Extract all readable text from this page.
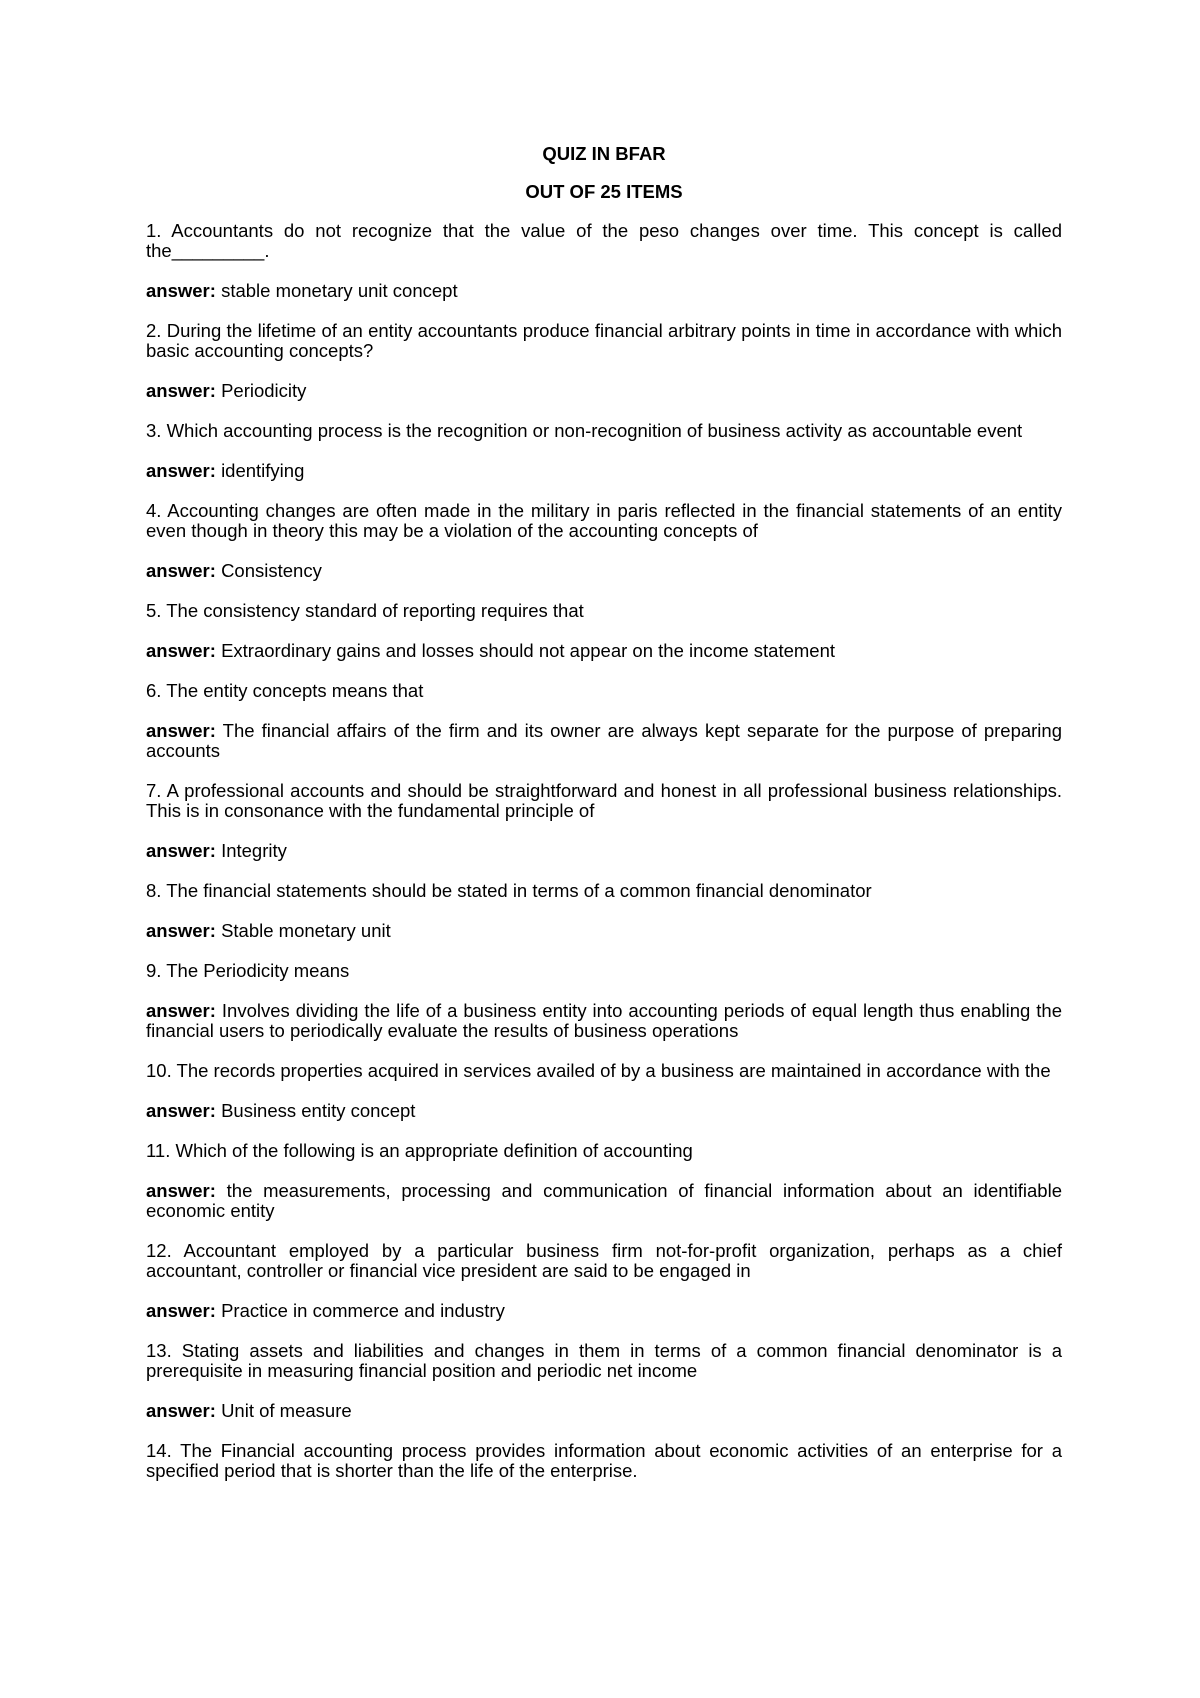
QUIZ IN BFAR

OUT OF 25 ITEMS

1. Accountants do not recognize that the value of the peso changes over time. This concept is called the_________.

answer: stable monetary unit concept

2. During the lifetime of an entity accountants produce financial arbitrary points in time in accordance with which basic accounting concepts?

answer: Periodicity

3. Which accounting process is the recognition or non-recognition of business activity as accountable event

answer: identifying

4. Accounting changes are often made in the military in paris reflected in the financial statements of an entity even though in theory this may be a violation of the accounting concepts of

answer: Consistency

5. The consistency standard of reporting requires that

answer: Extraordinary gains and losses should not appear on the income statement

6. The entity concepts means that

answer: The financial affairs of the firm and its owner are always kept separate for the purpose of preparing accounts

7. A professional accounts and should be straightforward and honest in all professional business relationships. This is in consonance with the fundamental principle of

answer: Integrity

8. The financial statements should be stated in terms of a common financial denominator

answer: Stable monetary unit

9. The Periodicity means

answer: Involves dividing the life of a business entity into accounting periods of equal length thus enabling the financial users to periodically evaluate the results of business operations

10. The records properties acquired in services availed of by a business are maintained in accordance with the

answer: Business entity concept

11. Which of the following is an appropriate definition of accounting

answer: the measurements, processing and communication of financial information about an identifiable economic entity

12. Accountant employed by a particular business firm not-for-profit organization, perhaps as a chief accountant, controller or financial vice president are said to be engaged in

answer: Practice in commerce and industry

13. Stating assets and liabilities and changes in them in terms of a common financial denominator is a prerequisite in measuring financial position and periodic net income

answer: Unit of measure

14. The Financial accounting process provides information about economic activities of an enterprise for a specified period that is shorter than the life of the enterprise.
